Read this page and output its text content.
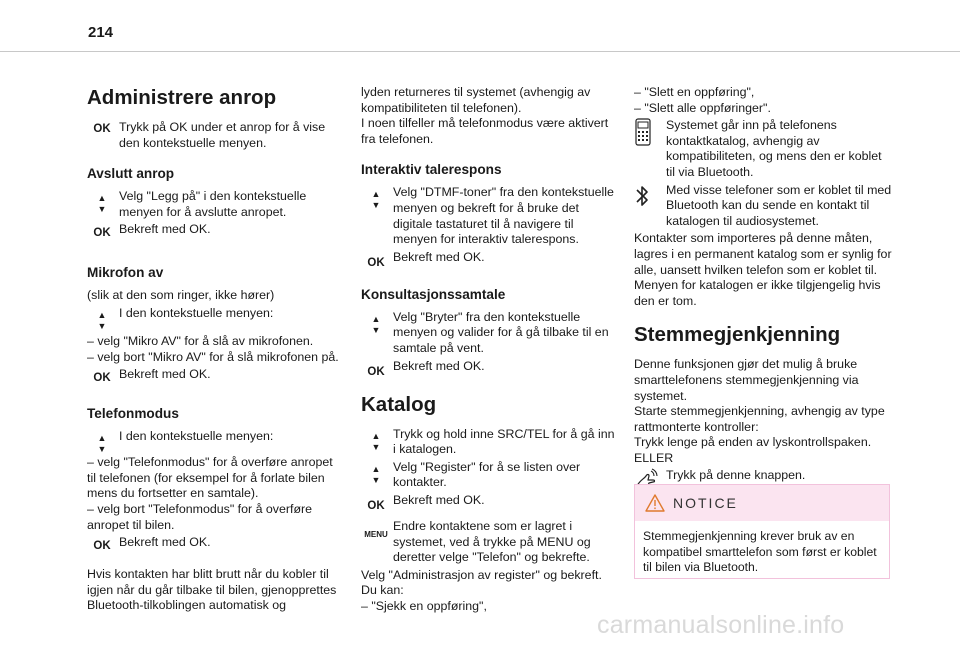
214
Administrere anrop
OK Trykk på OK under et anrop for å vise den kontekstuelle menyen.

Avslutt anrop
▲
▼

Velg "Legg på" i den kontekstuelle menyen for å avslutte anropet.

OK Bekreft med OK.

Mikrofon av

(slik at den som ringer, ikke hører)

▲
▼

I den kontekstuelle menyen:

– velg "Mikro AV" for å slå av mikrofonen.

– velg bort "Mikro AV" for å slå mikrofonen på.

OK Bekreft med OK.

Telefonmodus
▲
▼

I den kontekstuelle menyen:

– velg "Telefonmodus" for å overføre anropet til telefonen (for eksempel for å forlate bilen mens du fortsetter en samtale).

– velg bort "Telefonmodus" for å overføre anropet til bilen.

OK Bekreft med OK.

Hvis kontakten har blitt brutt når du kobler til igjen når du går tilbake til bilen, gjenopprettes Bluetooth-tilkoblingen automatisk og

lyden returneres til systemet (avhengig av kompatibiliteten til telefonen).

I noen tilfeller må telefonmodus være aktivert fra telefonen.

Interaktiv talerespons
▲
▼

Velg "DTMF-toner" fra den kontekstuelle menyen og bekreft for å bruke det digitale tastaturet til å navigere til menyen for interaktiv talerespons.

OK Bekreft med OK.

Konsultasjonssamtale
▲
▼

Velg "Bryter" fra den kontekstuelle menyen og valider for å gå tilbake til en samtale på vent.

OK Bekreft med OK.

Katalog
▲
▼

Trykk og hold inne SRC/TEL for å gå inn i katalogen.

▲
▼

Velg "Register" for å se listen over kontakter.

OK Bekreft med OK.

MENU

Endre kontaktene som er lagret i systemet, ved å trykke på MENU og deretter velge "Telefon" og bekrefte.

Velg "Administrasjon av register" og bekreft.

Du kan:

– "Sjekk en oppføring",

– "Slett en oppføring",

– "Slett alle oppføringer".

Systemet går inn på telefonens kontaktkatalog, avhengig av kompatibiliteten, og mens den er koblet til via Bluetooth.

Med visse telefoner som er koblet til med Bluetooth kan du sende en kontakt til katalogen til audiosystemet.

Kontakter som importeres på denne måten, lagres i en permanent katalog som er synlig for alle, uansett hvilken telefon som er koblet til.

Menyen for katalogen er ikke tilgjengelig hvis den er tom.

Stemmegjenkjenning

Denne funksjonen gjør det mulig å bruke smarttelefonens stemmegjenkjenning via systemet.

Starte stemmegjenkjenning, avhengig av type rattmonterte kontroller:

Trykk lenge på enden av lyskontrollspaken.

ELLER

Trykk på denne knappen.

NOTICE
Stemmegjenkjenning krever bruk av en kompatibel smarttelefon som først er koblet til bilen via Bluetooth.
carmanualsonline.info
